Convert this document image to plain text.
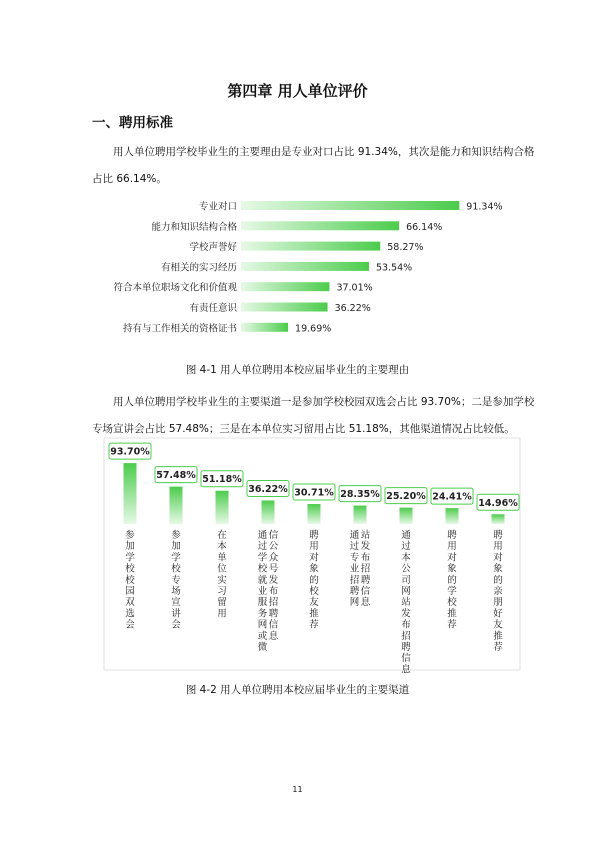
第四章 用人单位评价
一、聘用标准
用人单位聘用学校毕业生的主要理由是专业对口占比 91.34%，其次是能力和知识结构合格
占比 66.14%。
专业对口	91.34%
能力和知识结构合格	66.14%
学校声誉好	58.27%
有相关的实习经历	53.54%
符合本单位职场文化和价值观	37.01%
有责任意识	36.22%
持有与工作相关的资格证书	19.69%
图 4-1 用人单位聘用本校应届毕业生的主要理由
用人单位聘用学校毕业生的主要渠道一是参加学校校园双选会占比 93.70%；二是参加学校
专场宣讲会占比 57.48%；三是在本单位实习留用占比 51.18%，其他渠道情况占比较低。
93.70%
参加学校校园双选会
57.48%
参加学校专场宣讲会
51.18%
在本单位实习留用
36.22%
通过学校就业服务网或微信公众号发布招聘信息
30.71%
聘用对象的校友推荐
28.35%
通过专业招聘网站发布招聘信息
25.20%
通过本公司网站发布招聘信息
24.41%
聘用对象的学校推荐
14.96%
聘用对象的亲朋好友推荐
图 4-2 用人单位聘用本校应届毕业生的主要渠道
11
